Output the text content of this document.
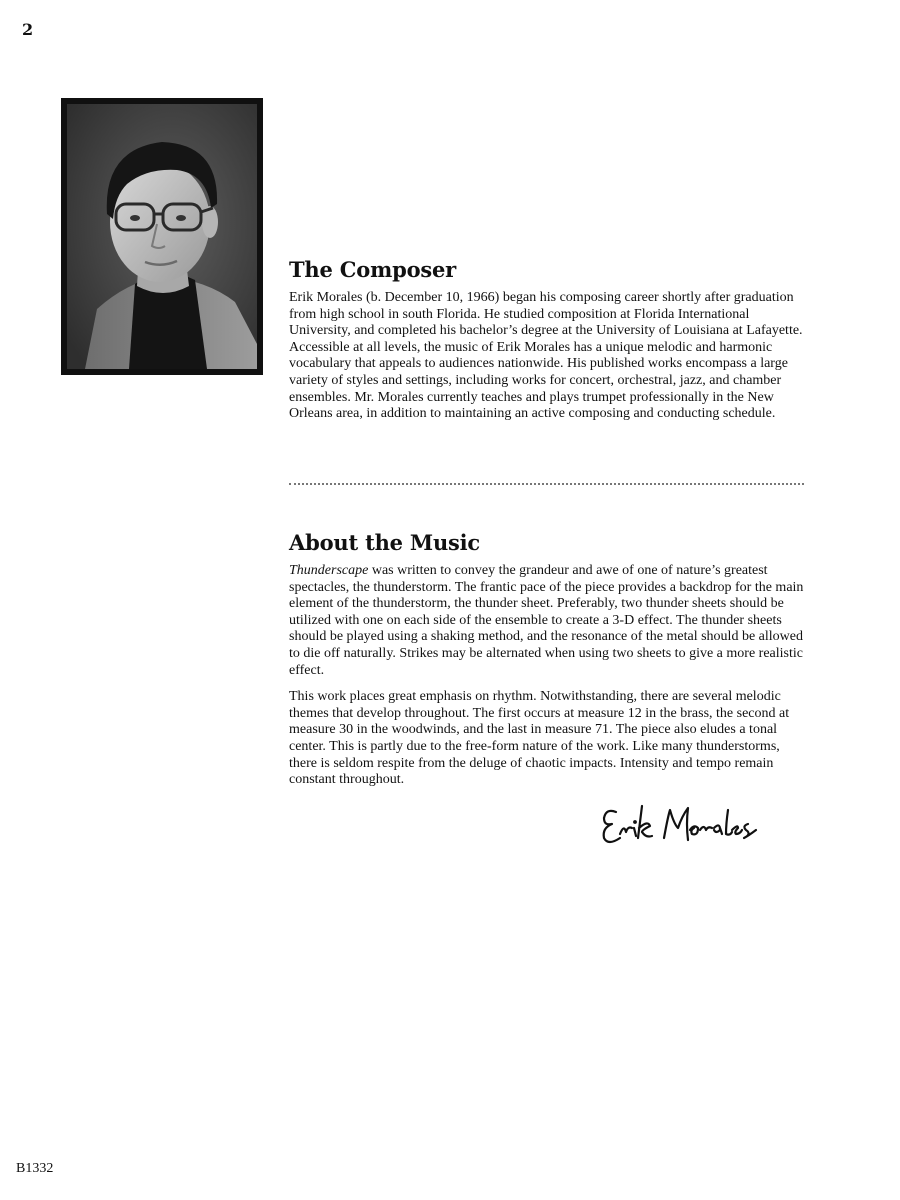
2
The Composer

Erik Morales (b. December 10, 1966) began his composing career shortly after graduation from high school in south Florida. He studied composition at Florida International University, and completed his bachelor’s degree at the University of Louisiana at Lafayette. Accessible at all levels, the music of Erik Morales has a unique melodic and harmonic vocabulary that appeals to audiences nationwide. His published works encompass a large variety of styles and settings, including works for concert, orchestral, jazz, and chamber ensembles. Mr. Morales currently teaches and plays trumpet professionally in the New Orleans area, in addition to maintaining an active composing and conducting schedule.

About the Music

Thunderscape was written to convey the grandeur and awe of one of nature’s greatest spectacles, the thunderstorm. The frantic pace of the piece provides a backdrop for the main element of the thunderstorm, the thunder sheet. Preferably, two thunder sheets should be utilized with one on each side of the ensemble to create a 3-D effect. The thunder sheets should be played using a shaking method, and the resonance of the metal should be allowed to die off naturally. Strikes may be alternated when using two sheets to give a more realistic effect.

This work places great emphasis on rhythm. Notwithstanding, there are several melodic themes that develop throughout. The first occurs at measure 12 in the brass, the second at measure 30 in the woodwinds, and the last in measure 71. The piece also eludes a tonal center. This is partly due to the free-form nature of the work. Like many thunderstorms, there is seldom respite from the deluge of chaotic impacts. Intensity and tempo remain constant throughout.

B1332
